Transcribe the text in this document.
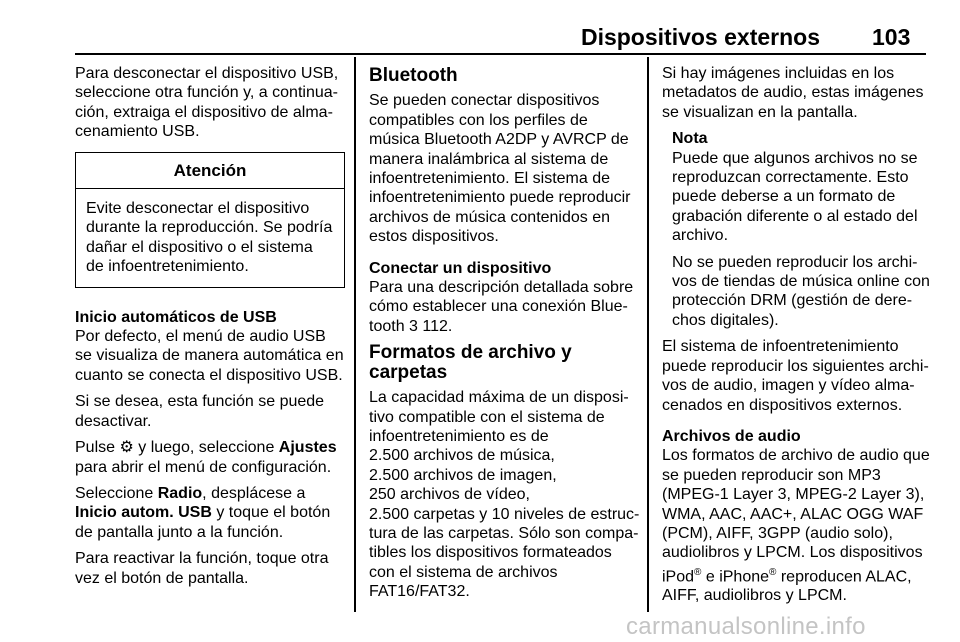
Dispositivos externos 103

Para desconectar el dispositivo USB, seleccione otra función y, a continua-ción, extraiga el dispositivo de alma-cenamiento USB.

Atención
Evite desconectar el dispositivo durante la reproducción. Se podría dañar el dispositivo o el sistema de infoentretenimiento.
Inicio automáticos de USB

Por defecto, el menú de audio USB se visualiza de manera automática en cuanto se conecta el dispositivo USB.

Si se desea, esta función se puede desactivar.

Pulse ⚙ y luego, seleccione Ajustes para abrir el menú de configuración.

Seleccione Radio, desplácese a Inicio autom. USB y toque el botón de pantalla junto a la función.

Para reactivar la función, toque otra vez el botón de pantalla.

Bluetooth

Se pueden conectar dispositivos compatibles con los perfiles de música Bluetooth A2DP y AVRCP de manera inalámbrica al sistema de infoentretenimiento. El sistema de infoentretenimiento puede reproducir archivos de música contenidos en estos dispositivos.

Conectar un dispositivo

Para una descripción detallada sobre cómo establecer una conexión Blue-tooth 3 112.

Formatos de archivo y carpetas
La capacidad máxima de un disposi-tivo compatible con el sistema de infoentretenimiento es de
2.500 archivos de música,
2.500 archivos de imagen,
250 archivos de vídeo,
2.500 carpetas y 10 niveles de estruc-tura de las carpetas. Sólo son compa-tibles los dispositivos formateados con el sistema de archivos FAT16/FAT32.

Si hay imágenes incluidas en los metadatos de audio, estas imágenes se visualizan en la pantalla.

Nota

Puede que algunos archivos no se reproduzcan correctamente. Esto puede deberse a un formato de grabación diferente o al estado del archivo.

No se pueden reproducir los archi-vos de tiendas de música online con protección DRM (gestión de dere-chos digitales).

El sistema de infoentretenimiento puede reproducir los siguientes archi-vos de audio, imagen y vídeo alma-cenados en dispositivos externos.

Archivos de audio

Los formatos de archivo de audio que se pueden reproducir son MP3 (MPEG-1 Layer 3, MPEG-2 Layer 3), WMA, AAC, AAC+, ALAC OGG WAF (PCM), AIFF, 3GPP (audio solo), audiolibros y LPCM. Los dispositivos iPod® e iPhone® reproducen ALAC, AIFF, audiolibros y LPCM.

carmanualsonline.info
